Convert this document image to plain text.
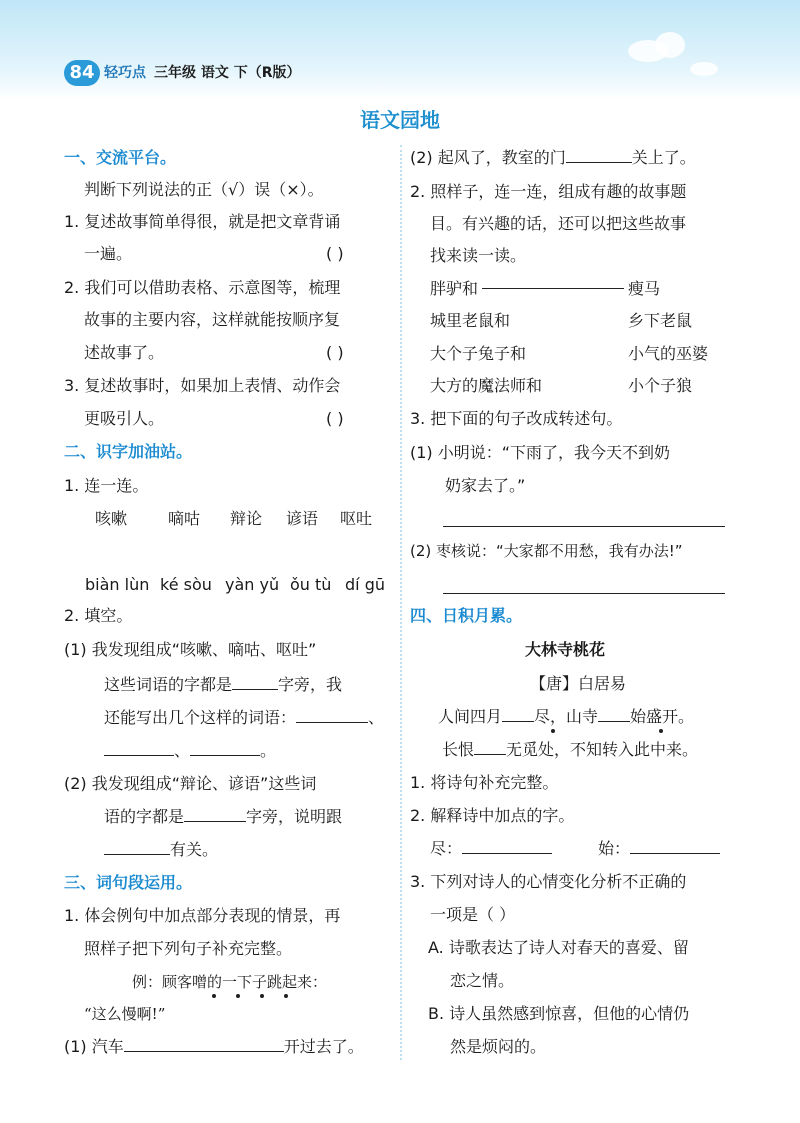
84 轻巧点 三年级 语文 下（R版）
语文园地
一、交流平台。
判断下列说法的正（√）误（×）。
1. 复述故事简单得很，就是把文章背诵
一遍。	( )
2. 我们可以借助表格、示意图等，梳理
故事的主要内容，这样就能按顺序复
述故事了。	( )
3. 复述故事时，如果加上表情、动作会
更吸引人。	( )
二、识字加油站。
1. 连一连。
咳嗽	嘀咕 辩论 谚语 呕吐
biàn lùn ké sòu yàn yǔ ǒu tù dí gū
2. 填空。
(1) 我发现组成“咳嗽、嘀咕、呕吐”
这些词语的字都是	字旁，我
还能写出几个这样的词语：	、
、	。
(2) 我发现组成“辩论、谚语”这些词
语的字都是	字旁，说明跟
有关。
三、词句段运用。
1. 体会例句中加点部分表现的情景，再
照样子把下列句子补充完整。
例：顾客噌的一下子跳起来：
“这么慢啊!”
(1) 汽车	开过去了。
(2) 起风了，教室的门	关上了。
2. 照样子，连一连，组成有趣的故事题
目。有兴趣的话，还可以把这些故事
找来读一读。
胖驴和	瘦马
城里老鼠和	乡下老鼠
大个子兔子和	小气的巫婆
大方的魔法师和	小个子狼
3. 把下面的句子改成转述句。
(1) 小明说：“下雨了，我今天不到奶
奶家去了。”
(2) 枣核说：“大家都不用愁，我有办法!”
四、日积月累。
大林寺桃花
【唐】白居易
人间四月 尽，山寺 始盛开。
长恨 无觅处，不知转入此中来。
1. 将诗句补充完整。
2. 解释诗中加点的字。
尽：	始：
3. 下列对诗人的心情变化分析不正确的
一项是（ ）
A. 诗歌表达了诗人对春天的喜爱、留
恋之情。
B. 诗人虽然感到惊喜，但他的心情仍
然是烦闷的。
